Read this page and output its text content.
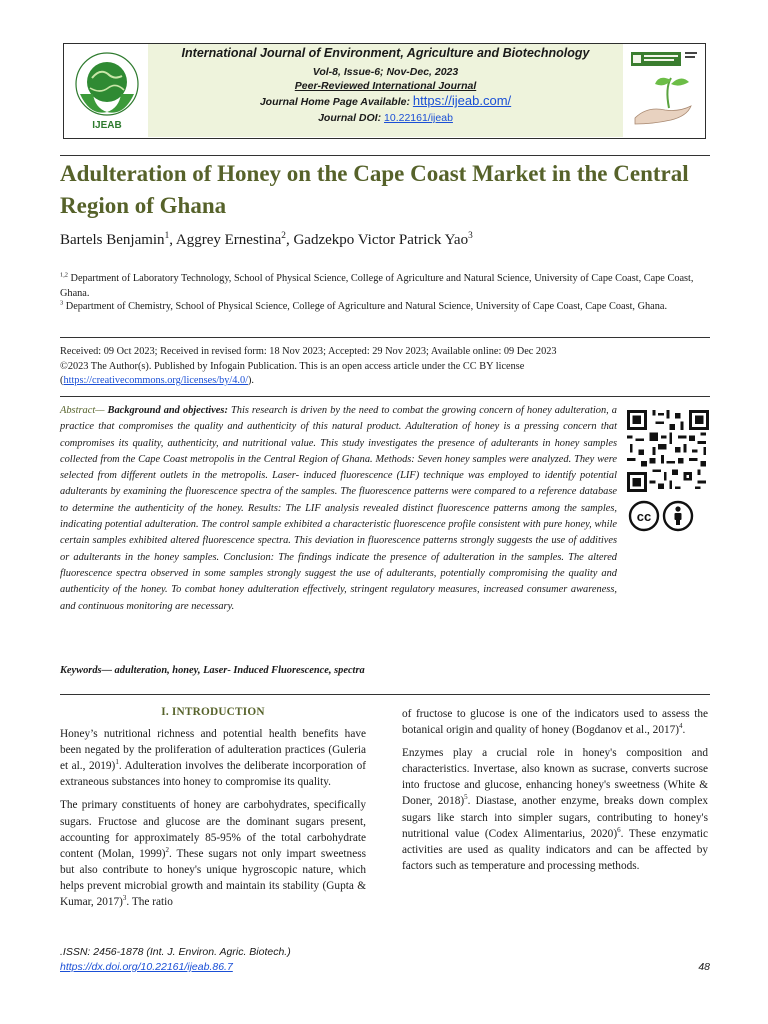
IJEAB
International Journal of Environment, Agriculture and Biotechnology
Vol-8, Issue-6; Nov-Dec, 2023
Peer-Reviewed International Journal
Journal Home Page Available: https://ijeab.com/
Journal DOI: 10.22161/ijeab
Adulteration of Honey on the Cape Coast Market in the Central Region of Ghana
Bartels Benjamin$^1$, Aggrey Ernestina$^2$, Gadzekpo Victor Patrick Yao$^3$
$^{1,2}$ Department of Laboratory Technology, School of Physical Science, College of Agriculture and Natural Science, University of Cape Coast, Cape Coast, Ghana.
$^3$ Department of Chemistry, School of Physical Science, College of Agriculture and Natural Science, University of Cape Coast, Cape Coast, Ghana.
Received: 09 Oct 2023; Received in revised form: 18 Nov 2023; Accepted: 29 Nov 2023; Available online: 09 Dec 2023
©2023 The Author(s). Published by Infogain Publication. This is an open access article under the CC BY license
(https://creativecommons.org/licenses/by/4.0/).
Abstract— Background and objectives: This research is driven by the need to combat the growing concern of honey adulteration, a practice that compromises the quality and authenticity of this natural product. Adulteration of honey is a pressing concern that compromises its quality, authenticity, and nutritional value. This study investigates the presence of adulterants in honey samples collected from the Cape Coast metropolis in the Central Region of Ghana. Methods: Seven honey samples were analyzed. They were selected from different outlets in the metropolis. Laser- induced fluorescence (LIF) technique was employed to identify potential adulterants by examining the fluorescence spectra of the samples. The fluorescence patterns were compared to a reference database to determine the authenticity of the honey. Results: The LIF analysis revealed distinct fluorescence patterns among the samples, indicating potential adulteration. The control sample exhibited a characteristic fluorescence profile consistent with pure honey, while certain samples exhibited altered fluorescence spectra. This deviation in fluorescence patterns strongly suggests the use of additives or adulterants in the honey samples. Conclusion: The findings indicate the presence of adulteration in the samples. The altered fluorescence spectra observed in some samples strongly suggest the use of adulterants, potentially compromising the quality and authenticity of the honey. To combat honey adulteration effectively, stringent regulatory measures, increased consumer awareness, and continuous monitoring are necessary.
cc
Keywords— adulteration, honey, Laser- Induced Fluorescence, spectra
I. INTRODUCTION

Honey’s nutritional richness and potential health benefits have been negated by the proliferation of adulteration practices (Guleria et al., 2019)$^1$. Adulteration involves the deliberate incorporation of extraneous substances into honey to compromise its quality.

The primary constituents of honey are carbohydrates, specifically sugars. Fructose and glucose are the dominant sugars present, accounting for approximately 85-95% of the total carbohydrate content (Molan, 1999)$^2$. These sugars not only impart sweetness but also contribute to honey's unique hygroscopic nature, which helps prevent microbial growth and maintain its stability (Gupta & Kumar, 2017)$^3$. The ratio

of fructose to glucose is one of the indicators used to assess the botanical origin and quality of honey (Bogdanov et al., 2017)$^4$.

Enzymes play a crucial role in honey's composition and characteristics. Invertase, also known as sucrase, converts sucrose into fructose and glucose, enhancing honey's sweetness (White & Doner, 2018)$^5$. Diastase, another enzyme, breaks down complex sugars like starch into simpler sugars, contributing to honey's nutritional value (Codex Alimentarius, 2020)$^6$. These enzymatic activities are used as quality indicators and can be affected by factors such as temperature and processing methods.

.ISSN: 2456-1878 (Int. J. Environ. Agric. Biotech.)
https://dx.doi.org/10.22161/ijeab.86.7	48
